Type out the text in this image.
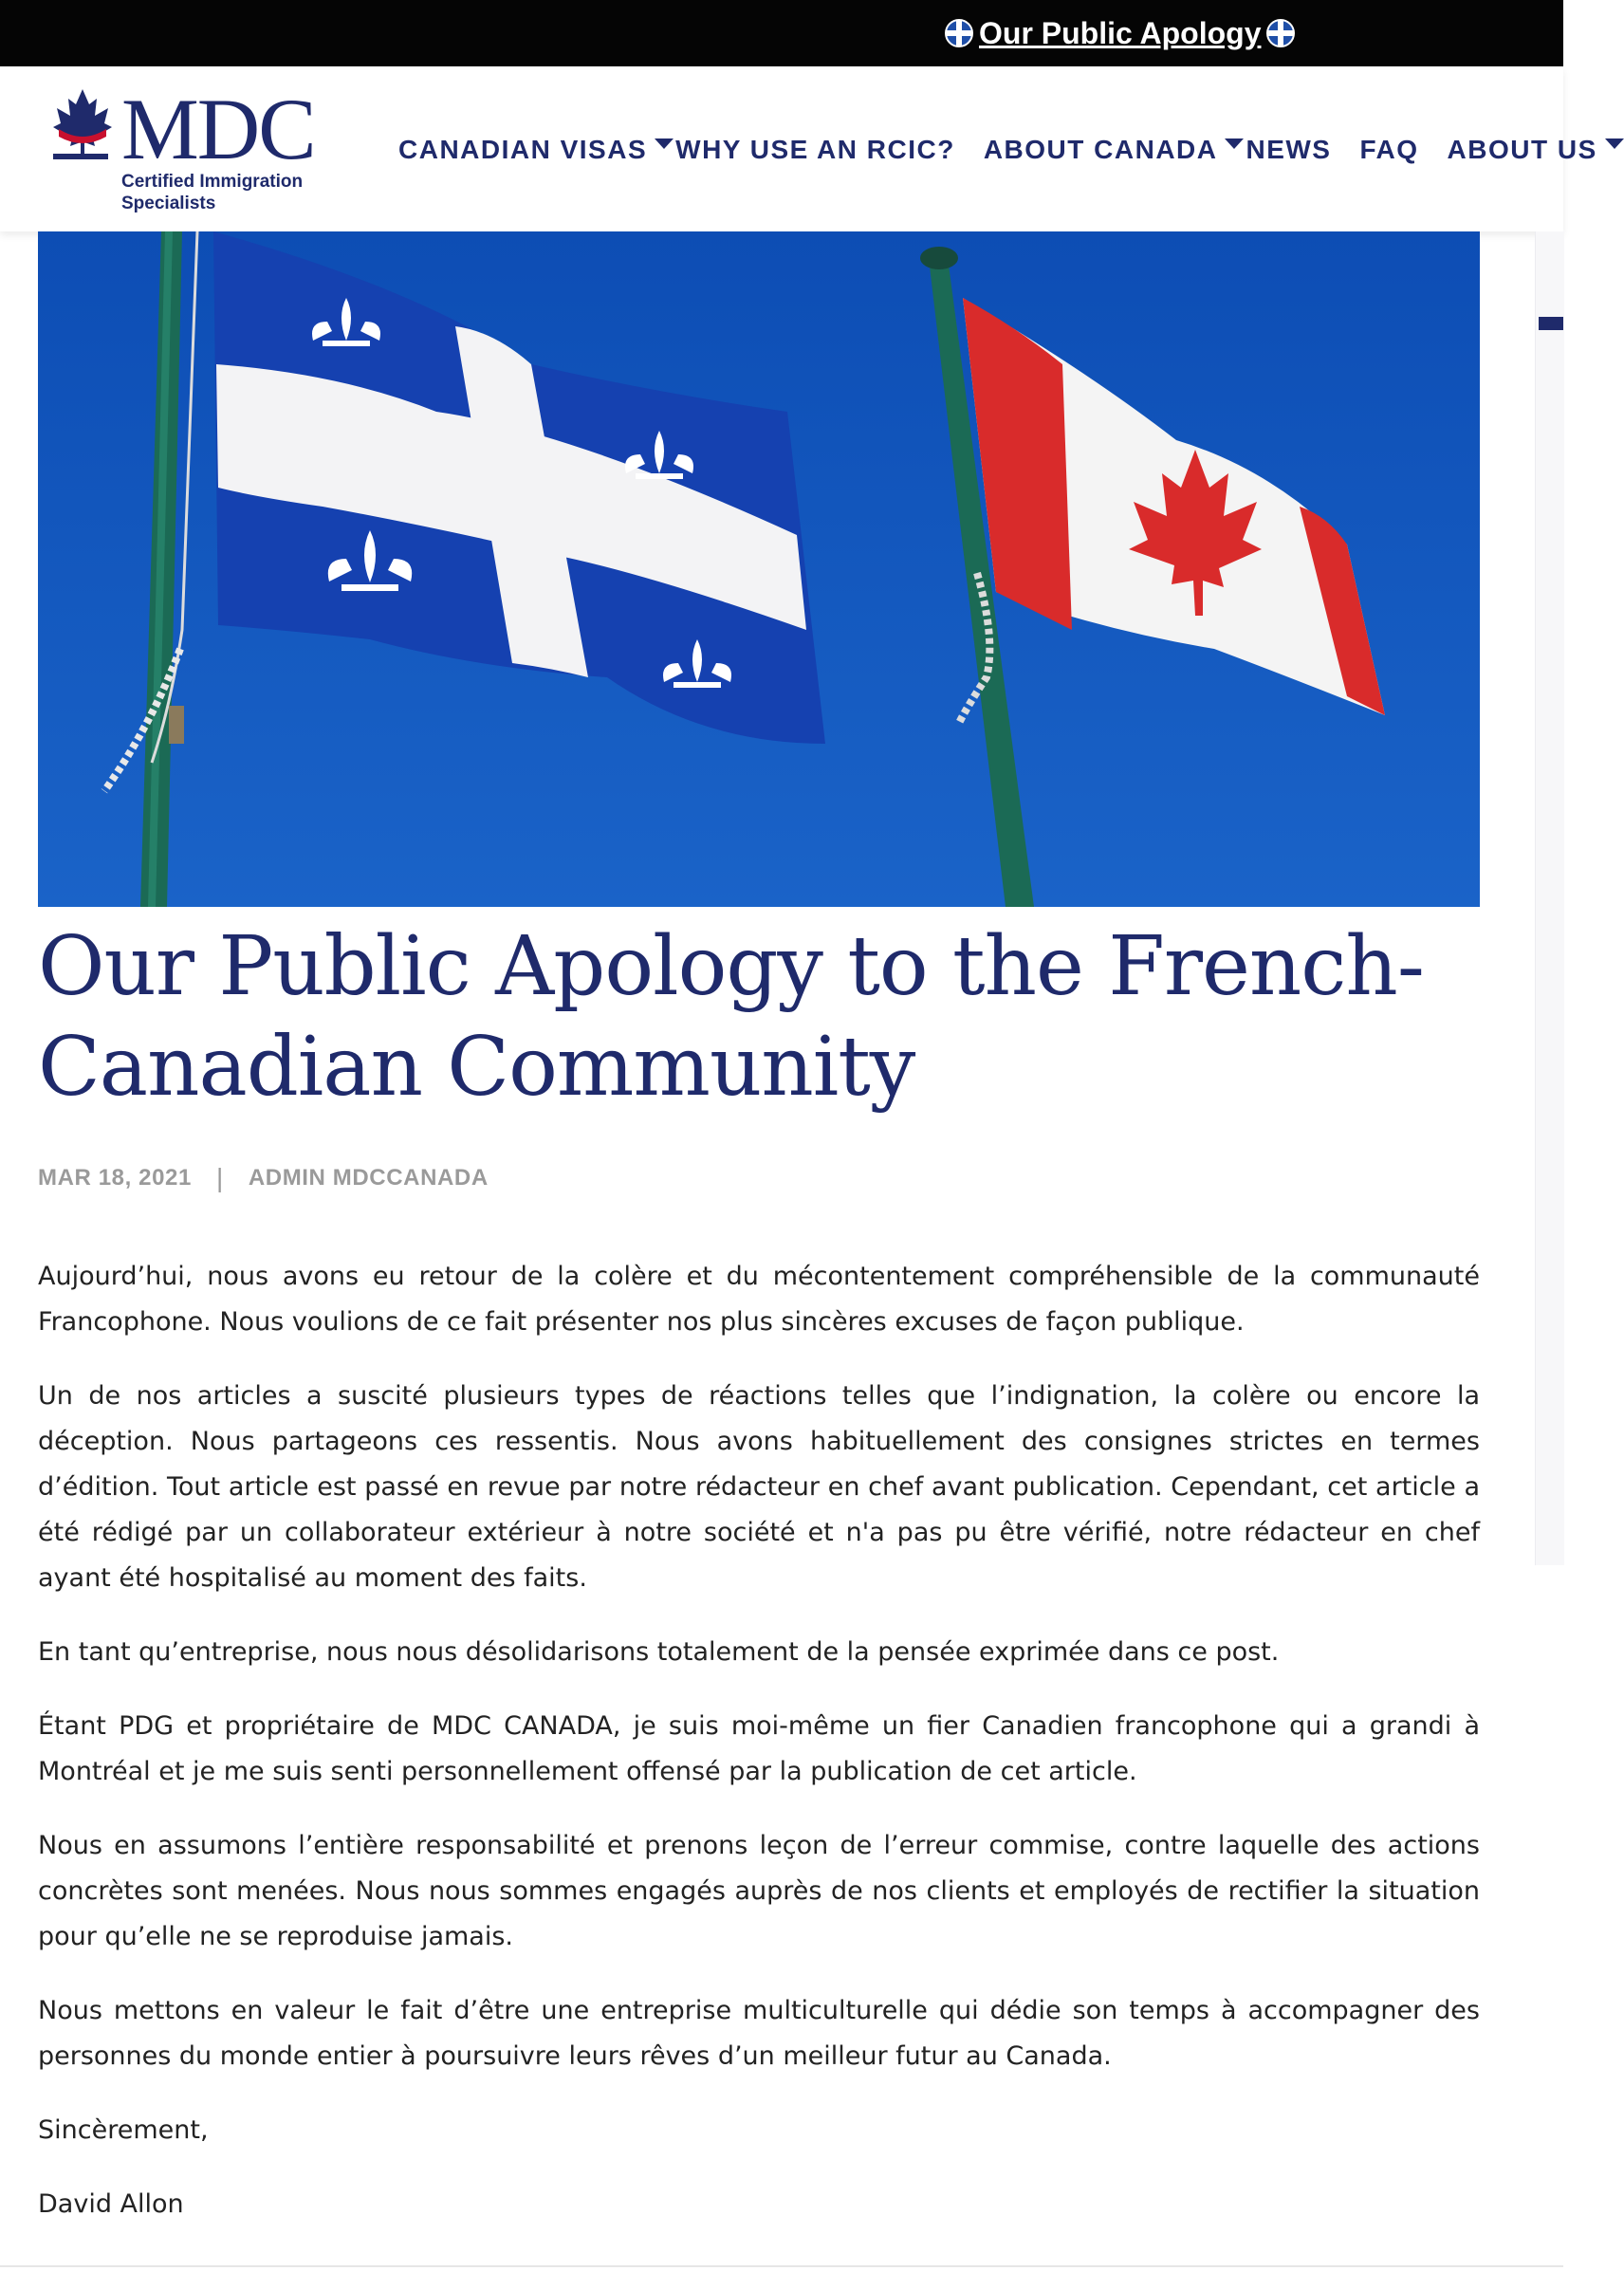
Our Public Apology
MDC
Certified Immigration Specialists
CANADIAN VISAS WHY USE AN RCIC? ABOUT CANADA NEWS FAQ ABOUT US
Our Public Apology to the French-Canadian Community
MAR 18, 2021 | ADMIN MDCCANADA

Aujourd’hui, nous avons eu retour de la colère et du mécontentement compréhensible de la communauté Francophone. Nous voulions de ce fait présenter nos plus sincères excuses de façon publique.

Un de nos articles a suscité plusieurs types de réactions telles que l’indignation, la colère ou encore la déception. Nous partageons ces ressentis. Nous avons habituellement des consignes strictes en termes d’édition. Tout article est passé en revue par notre rédacteur en chef avant publication. Cependant, cet article a été rédigé par un collaborateur extérieur à notre société et n'a pas pu être vérifié, notre rédacteur en chef ayant été hospitalisé au moment des faits.

En tant qu’entreprise, nous nous désolidarisons totalement de la pensée exprimée dans ce post.

Étant PDG et propriétaire de MDC CANADA, je suis moi-même un fier Canadien francophone qui a grandi à Montréal et je me suis senti personnellement offensé par la publication de cet article.

Nous en assumons l’entière responsabilité et prenons leçon de l’erreur commise, contre laquelle des actions concrètes sont menées. Nous nous sommes engagés auprès de nos clients et employés de rectifier la situation pour qu’elle ne se reproduise jamais.

Nous mettons en valeur le fait d’être une entreprise multiculturelle qui dédie son temps à accompagner des personnes du monde entier à poursuivre leurs rêves d’un meilleur futur au Canada.

Sincèrement,

David Allon
